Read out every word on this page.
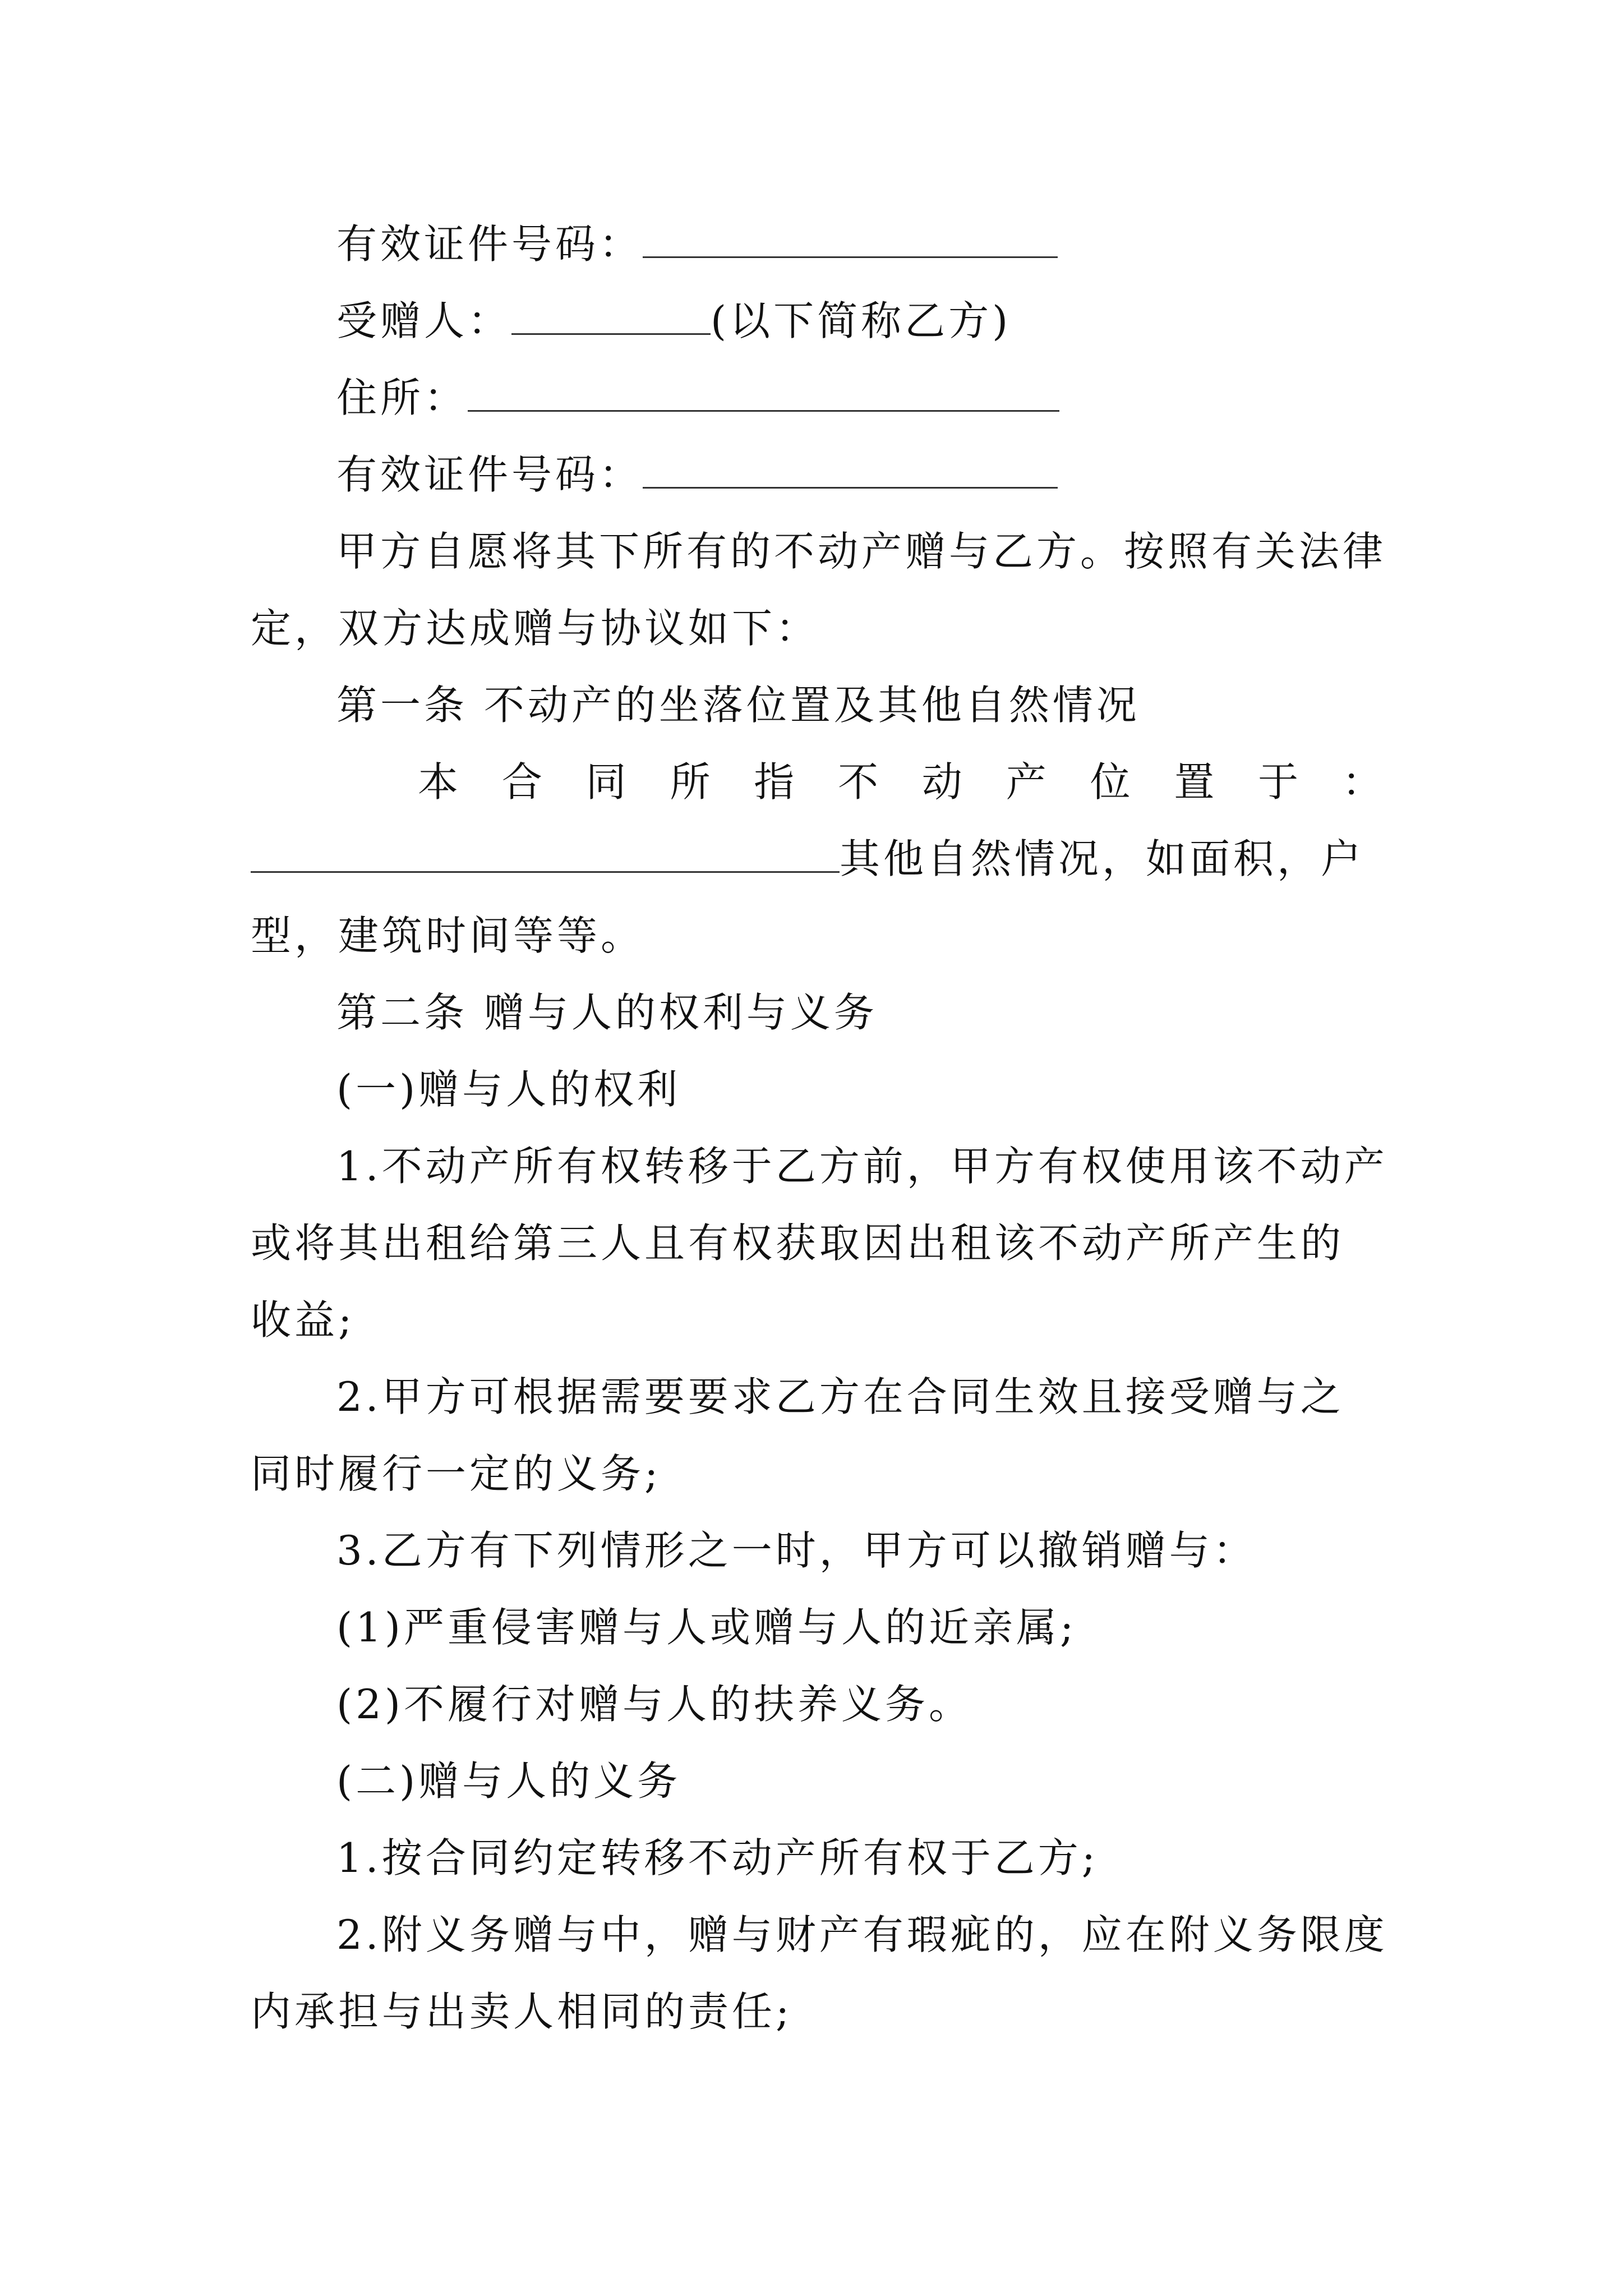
有效证件号码：
受赠人：	(以下简称乙方)
住所：
有效证件号码：
甲方自愿将其下所有的不动产赠与乙方。按照有关法律
定，双方达成赠与协议如下：
第一条 不动产的坐落位置及其他自然情况
本 合 同 所 指 不 动 产 位 置 于 ：
其他自然情况，如面积，户
型，建筑时间等等。
第二条 赠与人的权利与义务
(一)赠与人的权利
1.不动产所有权转移于乙方前，甲方有权使用该不动产
或将其出租给第三人且有权获取因出租该不动产所产生的
收益;
2.甲方可根据需要要求乙方在合同生效且接受赠与之
同时履行一定的义务;
3.乙方有下列情形之一时，甲方可以撤销赠与：
(1)严重侵害赠与人或赠与人的近亲属;
(2)不履行对赠与人的扶养义务。
(二)赠与人的义务
1.按合同约定转移不动产所有权于乙方;
2.附义务赠与中，赠与财产有瑕疵的，应在附义务限度
内承担与出卖人相同的责任;
